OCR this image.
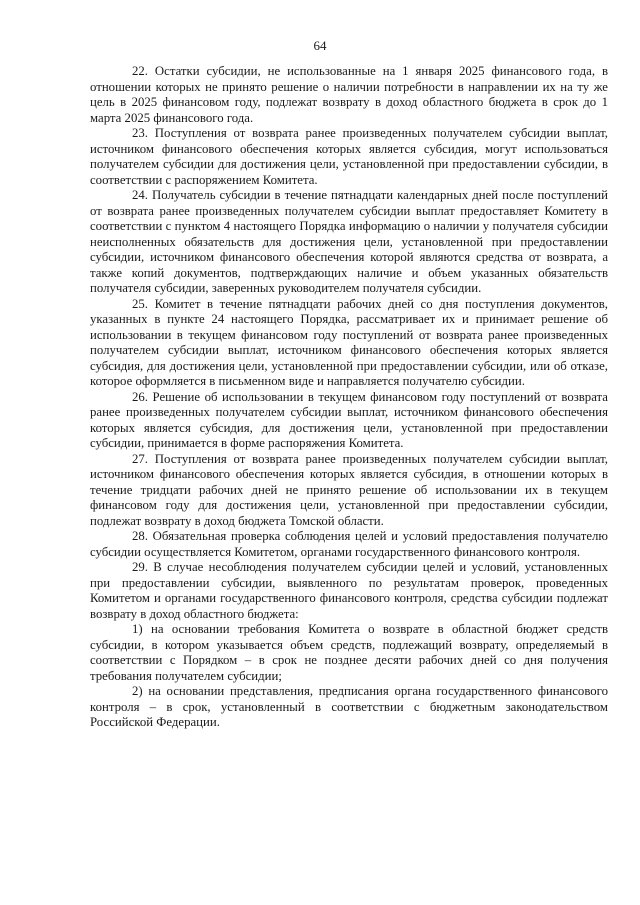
64

22. Остатки субсидии, не использованные на 1 января 2025 финансового года, в отношении которых не принято решение о наличии потребности в направлении их на ту же цель в 2025 финансовом году, подлежат возврату в доход областного бюджета в срок до 1 марта 2025 финансового года.

23. Поступления от возврата ранее произведенных получателем субсидии выплат, источником финансового обеспечения которых является субсидия, могут использоваться получателем субсидии для достижения цели, установленной при предоставлении субсидии, в соответствии с распоряжением Комитета.

24. Получатель субсидии в течение пятнадцати календарных дней после поступлений от возврата ранее произведенных получателем субсидии выплат предоставляет Комитету в соответствии с пунктом 4 настоящего Порядка информацию о наличии у получателя субсидии неисполненных обязательств для достижения цели, установленной при предоставлении субсидии, источником финансового обеспечения которой являются средства от возврата, а также копий документов, подтверждающих наличие и объем указанных обязательств получателя субсидии, заверенных руководителем получателя субсидии.

25. Комитет в течение пятнадцати рабочих дней со дня поступления документов, указанных в пункте 24 настоящего Порядка, рассматривает их и принимает решение об использовании в текущем финансовом году поступлений от возврата ранее произведенных получателем субсидии выплат, источником финансового обеспечения которых является субсидия, для достижения цели, установленной при предоставлении субсидии, или об отказе, которое оформляется в письменном виде и направляется получателю субсидии.

26. Решение об использовании в текущем финансовом году поступлений от возврата ранее произведенных получателем субсидии выплат, источником финансового обеспечения которых является субсидия, для достижения цели, установленной при предоставлении субсидии, принимается в форме распоряжения Комитета.

27. Поступления от возврата ранее произведенных получателем субсидии выплат, источником финансового обеспечения которых является субсидия, в отношении которых в течение тридцати рабочих дней не принято решение об использовании их в текущем финансовом году для достижения цели, установленной при предоставлении субсидии, подлежат возврату в доход бюджета Томской области.

28. Обязательная проверка соблюдения целей и условий предоставления получателю субсидии осуществляется Комитетом, органами государственного финансового контроля.

29. В случае несоблюдения получателем субсидии целей и условий, установленных при предоставлении субсидии, выявленного по результатам проверок, проведенных Комитетом и органами государственного финансового контроля, средства субсидии подлежат возврату в доход областного бюджета:

1) на основании требования Комитета о возврате в областной бюджет средств субсидии, в котором указывается объем средств, подлежащий возврату, определяемый в соответствии с Порядком – в срок не позднее десяти рабочих дней со дня получения требования получателем субсидии;

2) на основании представления, предписания органа государственного финансового контроля – в срок, установленный в соответствии с бюджетным законодательством Российской Федерации.
